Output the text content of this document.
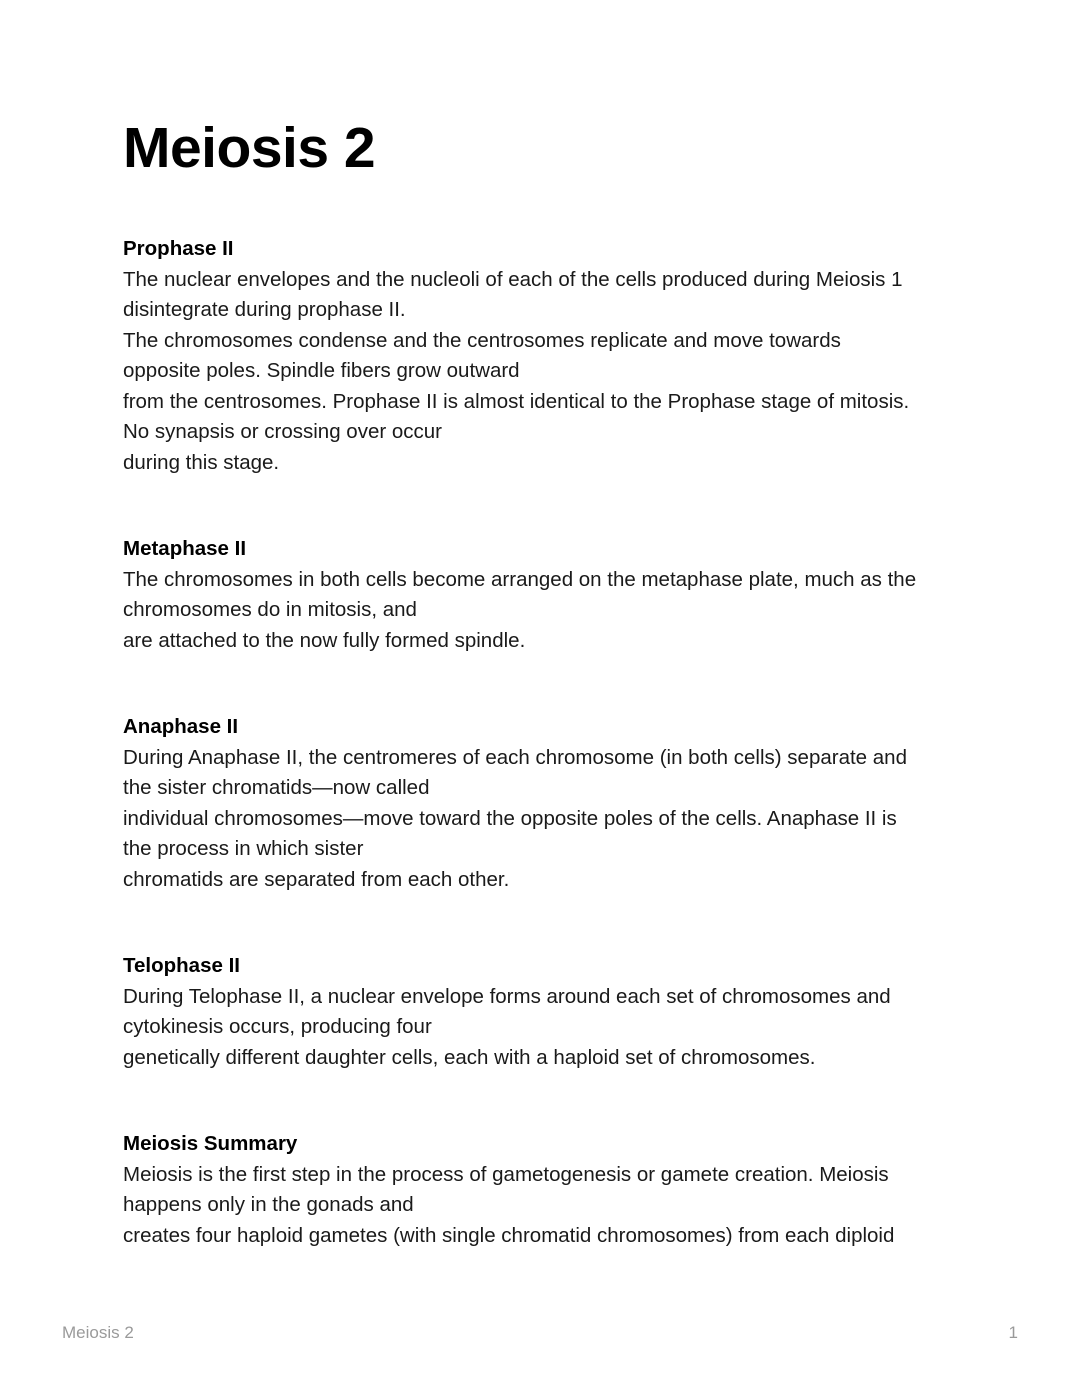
Meiosis 2
Prophase II

The nuclear envelopes and the nucleoli of each of the cells produced during Meiosis 1

disintegrate during prophase II.

The chromosomes condense and the centrosomes replicate and move towards

opposite poles. Spindle fibers grow outward

from the centrosomes. Prophase II is almost identical to the Prophase stage of mitosis.

No synapsis or crossing over occur

during this stage.

Metaphase II

The chromosomes in both cells become arranged on the metaphase plate, much as the

chromosomes do in mitosis, and

are attached to the now fully formed spindle.

Anaphase II

During Anaphase II, the centromeres of each chromosome (in both cells) separate and

the sister chromatids—now called

individual chromosomes—move toward the opposite poles of the cells. Anaphase II is

the process in which sister

chromatids are separated from each other.

Telophase II

During Telophase II, a nuclear envelope forms around each set of chromosomes and

cytokinesis occurs, producing four

genetically different daughter cells, each with a haploid set of chromosomes.

Meiosis Summary

Meiosis is the first step in the process of gametogenesis or gamete creation. Meiosis

happens only in the gonads and

creates four haploid gametes (with single chromatid chromosomes) from each diploid

Meiosis 2	1
